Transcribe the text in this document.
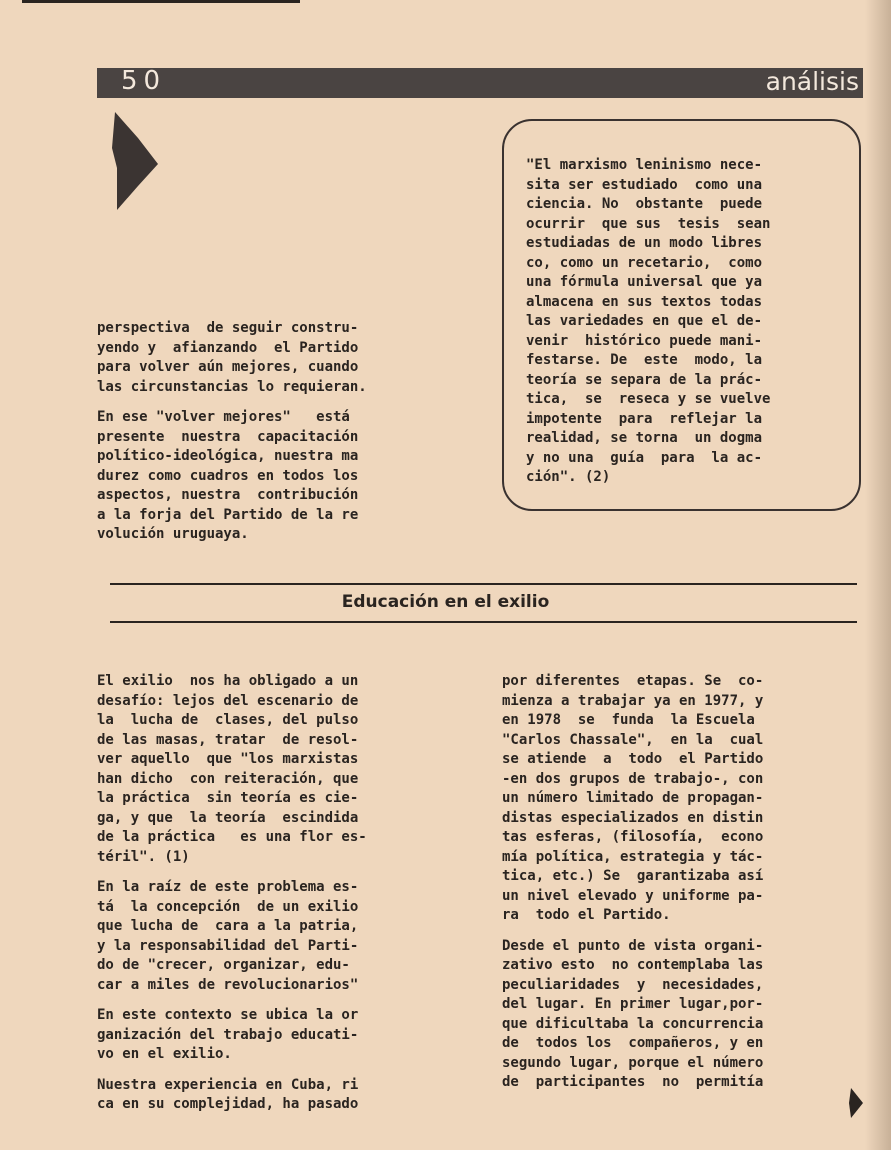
50	análisis

perspectiva  de seguir constru-
yendo y  afianzando  el Partido
para volver aún mejores, cuando
las circunstancias lo requieran.

En ese "volver mejores"   está
presente  nuestra  capacitación
político-ideológica, nuestra ma
durez como cuadros en todos los
aspectos, nuestra  contribución
a la forja del Partido de la re
volución uruguaya.

"El marxismo leninismo nece-
sita ser estudiado  como una
ciencia. No  obstante  puede
ocurrir  que sus  tesis  sean
estudiadas de un modo libres
co, como un recetario,  como
una fórmula universal que ya
almacena en sus textos todas
las variedades en que el de-
venir  histórico puede mani-
festarse. De  este  modo, la
teoría se separa de la prác-
tica,  se  reseca y se vuelve
impotente  para  reflejar la
realidad, se torna  un dogma
y no una  guía  para  la ac-
ción". (2)

Educación en el exilio

El exilio  nos ha obligado a un
desafío: lejos del escenario de
la  lucha de  clases, del pulso
de las masas, tratar  de resol-
ver aquello  que "los marxistas
han dicho  con reiteración, que
la práctica  sin teoría es cie-
ga, y que  la teoría  escindida
de la práctica   es una flor es-
téril". (1)

En la raíz de este problema es-
tá  la concepción  de un exilio
que lucha de  cara a la patria,
y la responsabilidad del Parti-
do de "crecer, organizar, edu-
car a miles de revolucionarios"

En este contexto se ubica la or
ganización del trabajo educati-
vo en el exilio.

Nuestra experiencia en Cuba, ri
ca en su complejidad, ha pasado

por diferentes  etapas. Se  co-
mienza a trabajar ya en 1977, y
en 1978  se  funda  la Escuela
"Carlos Chassale",  en la  cual
se atiende  a  todo  el Partido
-en dos grupos de trabajo-, con
un número limitado de propagan-
distas especializados en distin
tas esferas, (filosofía,  econo
mía política, estrategia y tác-
tica, etc.) Se  garantizaba así
un nivel elevado y uniforme pa-
ra  todo el Partido.

Desde el punto de vista organi-
zativo esto  no contemplaba las
peculiaridades  y  necesidades,
del lugar. En primer lugar,por-
que dificultaba la concurrencia
de  todos los  compañeros, y en
segundo lugar, porque el número
de  participantes  no  permitía
